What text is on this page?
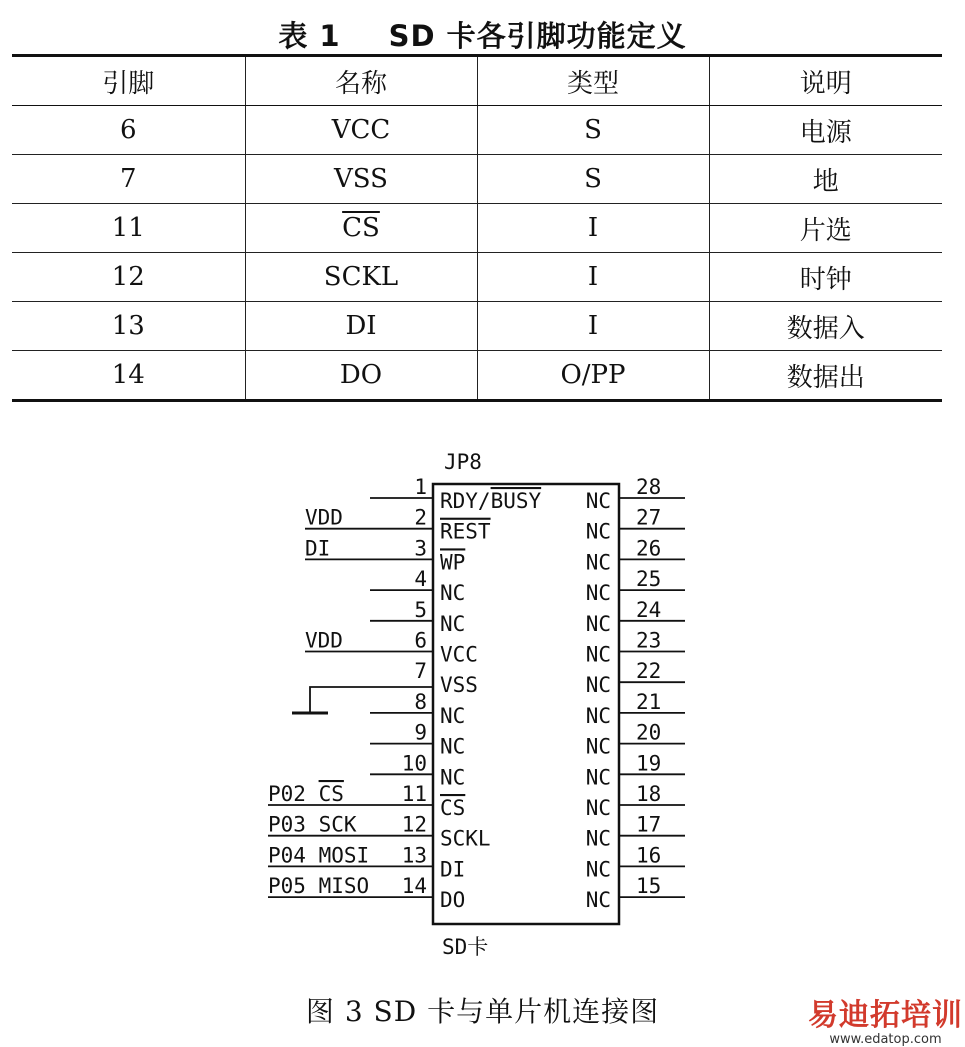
表 1 SD 卡各引脚功能定义
引脚	名称	类型	说明
6	VCC	S	电源
7	VSS	S	地
11	$\overline{CS}$	I	片选
12	SCKL	I	时钟
13	DI	I	数据入
14	DO	O/PP	数据出
1
RDY/BUSY
2
REST
VDD
3
WP
DI
4
NC
5
NC
6
VCC
VDD
7
VSS
8
NC
9
NC
10
NC
11
CS
P02 CS
12
SCKL
P03 SCK
13
DI
P04 MOSI
14
DO
P05 MISO
28
NC
27
NC
26
NC
25
NC
24
NC
23
NC
22
NC
21
NC
20
NC
19
NC
18
NC
17
NC
16
NC
15
NC
JP8
SD卡
图 3 SD 卡与单片机连接图	易迪拓培训
www.edatop.com
